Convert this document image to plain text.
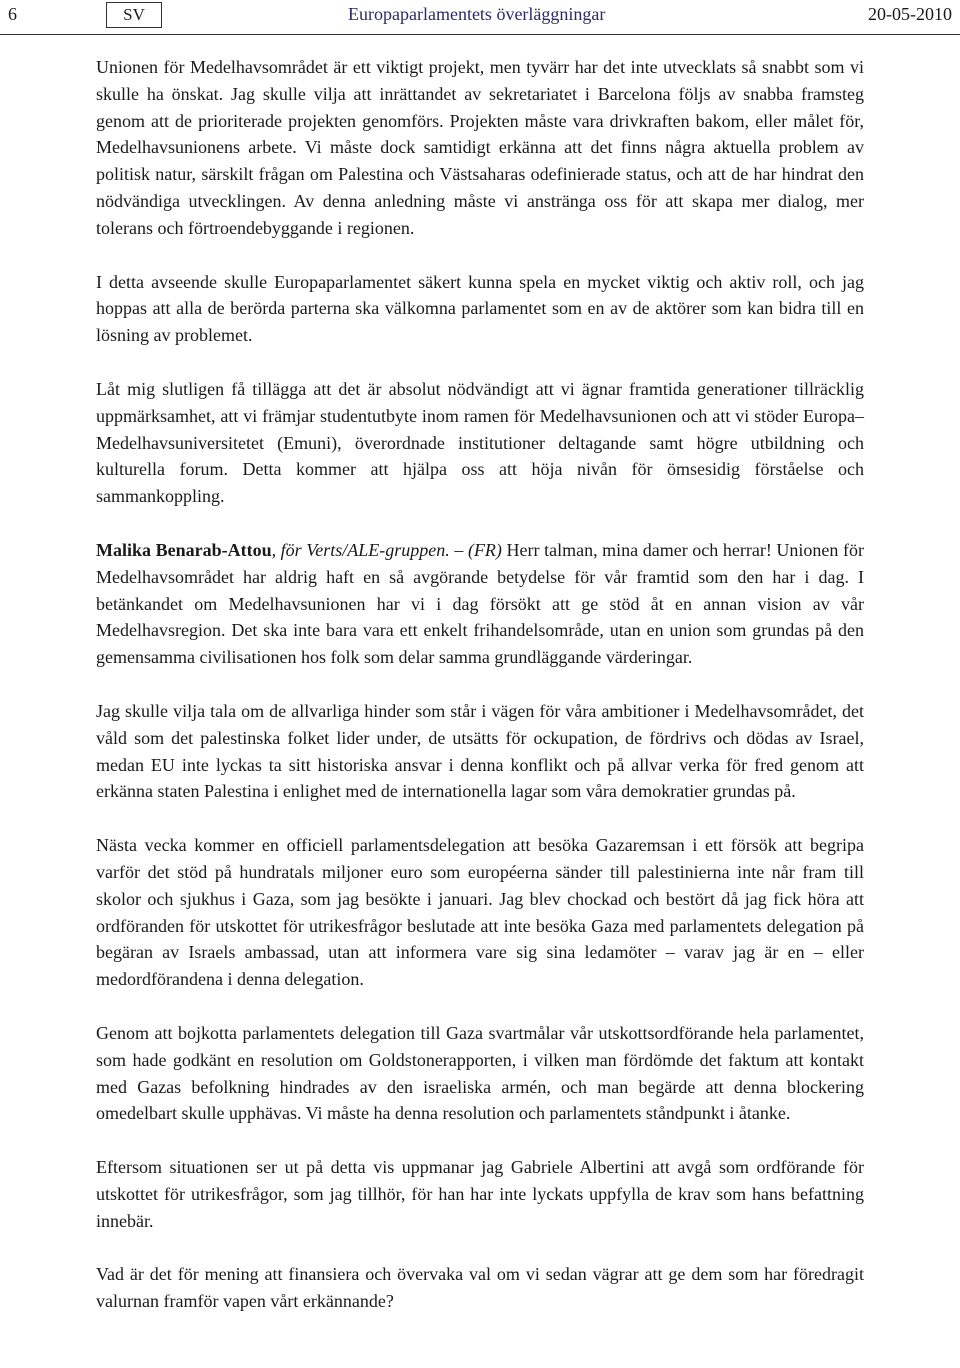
6	SV	Europaparlamentets överläggningar	20-05-2010

Unionen för Medelhavsområdet är ett viktigt projekt, men tyvärr har det inte utvecklats så snabbt som vi skulle ha önskat. Jag skulle vilja att inrättandet av sekretariatet i Barcelona följs av snabba framsteg genom att de prioriterade projekten genomförs. Projekten måste vara drivkraften bakom, eller målet för, Medelhavsunionens arbete. Vi måste dock samtidigt erkänna att det finns några aktuella problem av politisk natur, särskilt frågan om Palestina och Västsaharas odefinierade status, och att de har hindrat den nödvändiga utvecklingen. Av denna anledning måste vi anstränga oss för att skapa mer dialog, mer tolerans och förtroendebyggande i regionen.

I detta avseende skulle Europaparlamentet säkert kunna spela en mycket viktig och aktiv roll, och jag hoppas att alla de berörda parterna ska välkomna parlamentet som en av de aktörer som kan bidra till en lösning av problemet.

Låt mig slutligen få tillägga att det är absolut nödvändigt att vi ägnar framtida generationer tillräcklig uppmärksamhet, att vi främjar studentutbyte inom ramen för Medelhavsunionen och att vi stöder Europa–Medelhavsuniversitetet (Emuni), överordnade institutioner deltagande samt högre utbildning och kulturella forum. Detta kommer att hjälpa oss att höja nivån för ömsesidig förståelse och sammankoppling.

Malika Benarab-Attou, för Verts/ALE-gruppen. – (FR) Herr talman, mina damer och herrar! Unionen för Medelhavsområdet har aldrig haft en så avgörande betydelse för vår framtid som den har i dag. I betänkandet om Medelhavsunionen har vi i dag försökt att ge stöd åt en annan vision av vår Medelhavsregion. Det ska inte bara vara ett enkelt frihandelsområde, utan en union som grundas på den gemensamma civilisationen hos folk som delar samma grundläggande värderingar.

Jag skulle vilja tala om de allvarliga hinder som står i vägen för våra ambitioner i Medelhavsområdet, det våld som det palestinska folket lider under, de utsätts för ockupation, de fördrivs och dödas av Israel, medan EU inte lyckas ta sitt historiska ansvar i denna konflikt och på allvar verka för fred genom att erkänna staten Palestina i enlighet med de internationella lagar som våra demokratier grundas på.

Nästa vecka kommer en officiell parlamentsdelegation att besöka Gazaremsan i ett försök att begripa varför det stöd på hundratals miljoner euro som européerna sänder till palestinierna inte når fram till skolor och sjukhus i Gaza, som jag besökte i januari. Jag blev chockad och bestört då jag fick höra att ordföranden för utskottet för utrikesfrågor beslutade att inte besöka Gaza med parlamentets delegation på begäran av Israels ambassad, utan att informera vare sig sina ledamöter – varav jag är en – eller medordförandena i denna delegation.

Genom att bojkotta parlamentets delegation till Gaza svartmålar vår utskottsordförande hela parlamentet, som hade godkänt en resolution om Goldstonerapporten, i vilken man fördömde det faktum att kontakt med Gazas befolkning hindrades av den israeliska armén, och man begärde att denna blockering omedelbart skulle upphävas. Vi måste ha denna resolution och parlamentets ståndpunkt i åtanke.

Eftersom situationen ser ut på detta vis uppmanar jag Gabriele Albertini att avgå som ordförande för utskottet för utrikesfrågor, som jag tillhör, för han har inte lyckats uppfylla de krav som hans befattning innebär.

Vad är det för mening att finansiera och övervaka val om vi sedan vägrar att ge dem som har föredragit valurnan framför vapen vårt erkännande?
